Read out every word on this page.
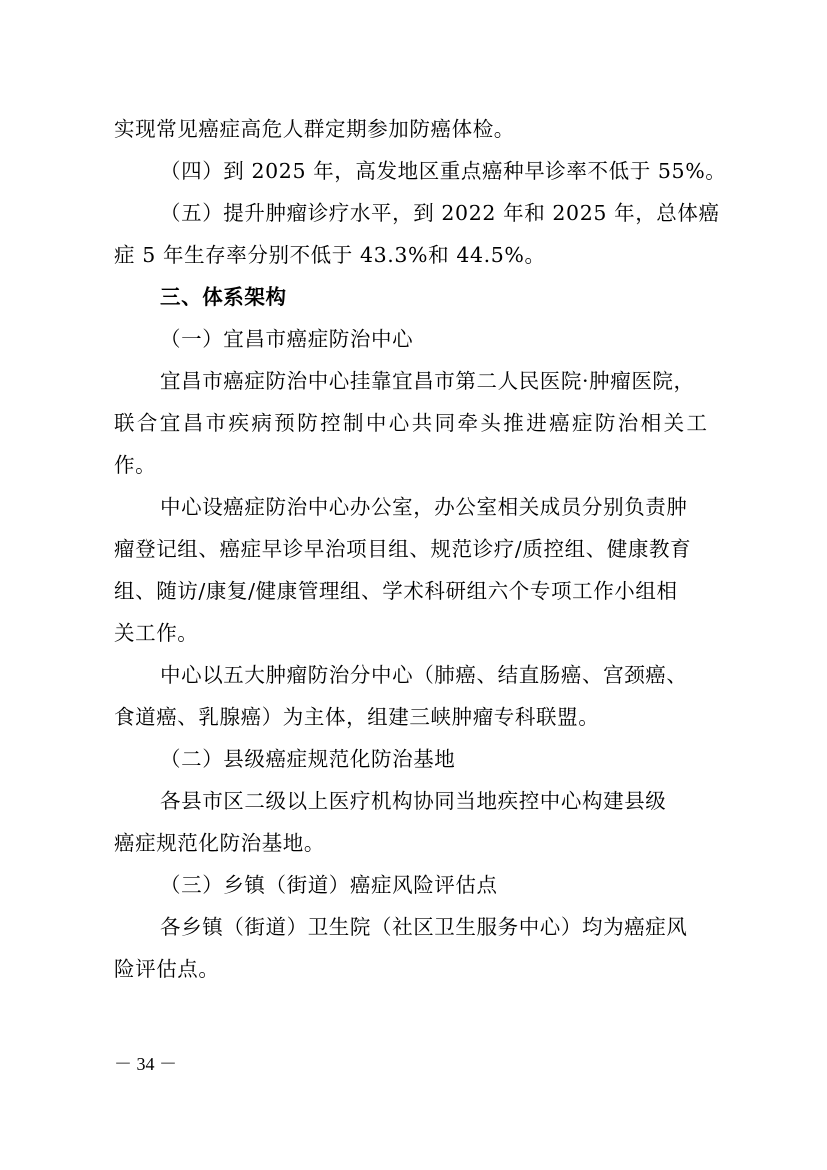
实现常见癌症高危人群定期参加防癌体检。
（四）到 2025 年，高发地区重点癌种早诊率不低于 55%。
（五）提升肿瘤诊疗水平，到 2022 年和 2025 年，总体癌
症 5 年生存率分别不低于 43.3%和 44.5%。
三、体系架构
（一）宜昌市癌症防治中心
宜昌市癌症防治中心挂靠宜昌市第二人民医院·肿瘤医院，
联合宜昌市疾病预防控制中心共同牵头推进癌症防治相关工
作。
中心设癌症防治中心办公室，办公室相关成员分别负责肿
瘤登记组、癌症早诊早治项目组、规范诊疗/质控组、健康教育
组、随访/康复/健康管理组、学术科研组六个专项工作小组相
关工作。
中心以五大肿瘤防治分中心（肺癌、结直肠癌、宫颈癌、
食道癌、乳腺癌）为主体，组建三峡肿瘤专科联盟。
（二）县级癌症规范化防治基地
各县市区二级以上医疗机构协同当地疾控中心构建县级
癌症规范化防治基地。
（三）乡镇（街道）癌症风险评估点
各乡镇（街道）卫生院（社区卫生服务中心）均为癌症风
险评估点。
－ 34 －
